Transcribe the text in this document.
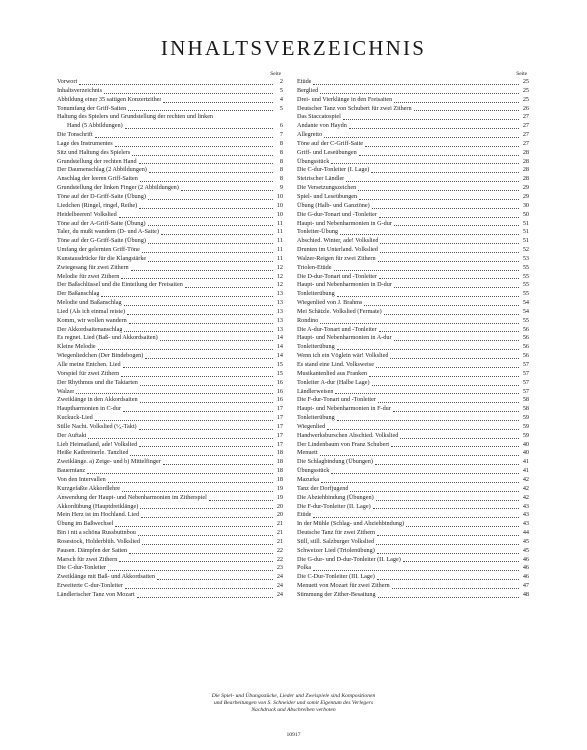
INHALTSVERZEICHNIS
Seite
Vorwort	2
Inhaltsverzeichnis	5
Abbildung einer 35 saitigen Konzertzither	4
Tonumfang der Griff-Saiten	5
Haltung des Spielers und Grundstellung der rechten und linken
Hand (5 Abbildungen)	6
Die Tonschrift	7
Lage des Instrumentes	8
Sitz und Haltung des Spielers	8
Grundstellung der rechten Hand	8
Der Daumenschlag (2 Abbildungen)	8
Anschlag der leeren Griff-Saiten	8
Grundstellung der linken Finger (2 Abbildungen)	9
Töne auf der D-Griff-Saite (Übung)	10
Liedchen (Ringel, ringel, Reihe)	10
Heidelbeeren! Volkslied	10
Töne auf der A-Griff-Saite (Übung)	11
Taler, du mußt wandern (D- und A-Saite)	11
Töne auf der G-Griff-Saite (Übung)	11
Umfang der gelernten Griff-Töne	11
Kunstausdrücke für die Klangstärke	11
Zwiegesang für zwei Zithern	12
Melodie für zwei Zithern	12
Der Baßschlüssel und die Einteilung der Freisaiten	12
Der Baßanschlag	13
Melodie und Baßanschlag	13
Lied (Als ich einmal reiste)	13
Komm, wir wollen wandern	13
Der Akkordsaitenanschlag	13
Es regnet. Lied (Baß- und Akkordsaiten)	14
Kleine Melodie	14
Wiegenliedchen (Der Bindebogen)	14
Alle meine Entchen. Lied	15
Vorspiel für zwei Zithern	15
Der Rhythmus und die Taktarten	16
Walzer	16
Zweiklänge in den Akkordsaiten	16
Hauptharmonien in C-dur	17
Kuckuck-Lied	17
Stille Nacht. Volkslied (⁶⁄₈-Takt)	17
Der Auftakt	17
Lieb Heimatland, ade! Volkslied	17
Heiße Kathreinerle. Tanzlied	18
Zweiklänge. a) Zeige- und b) Mittelfinger	18
Bauerntanz	18
Von den Intervallen	18
Kurzgefaßte Akkordlehre	19
Anwendung der Haupt- und Nebenharmonien im Zitherspiel	19
Akkordübung (Hauptdreiklänge)	20
Mein Herz ist im Hochland. Lied	20
Übung im Baßwechsel	21
Bin i nit a schöna Russbuttnbou	21
Rosestock, Holderblüh. Volkslied	21
Pausen. Dämpfen der Saiten	22
Marsch für zwei Zithern	22
Die C-dur-Tonleiter	23
Zweiklänge mit Baß- und Akkordsaiten	24
Erweiterte C-dur-Tonleiter	24
Ländlerischer Tanz von Mozart	24
Seite
Etüde	25
Berglied	25
Drei- und Vierklänge in den Freisaiten	25
Deutscher Tanz von Schubert für zwei Zithern	26
Das Staccatospiel	27
Andante von Haydn	27
Allegretto	27
Töne auf der C-Griff-Saite	27
Griff- und Leseübungen	28
Übungsstück	28
Die C-dur-Tonleiter (I. Lage)	28
Steirischer Ländler	28
Die Versetzungszeichen	29
Spiel- und Leseübungen	29
Übung (Halb- und Ganztöne)	30
Die G-dur-Tonart und -Tonleiter	50
Haupt- und Nebenharmonien in G-dur	51
Tonleiter-Übung	51
Abschied. Winter, ade! Volkslied	51
Drunten im Unterland. Volkslied	52
Walzer-Reigen für zwei Zithern	53
Triolen-Etüde	55
Die D-dur-Tonart und -Tonleiter	55
Haupt- und Nebenharmonien in D-dur	55
Tonleiterübung	55
Wiegenlied von J. Brahms	54
Mei Schätzle. Volkslied (Fermate)	54
Rondino	55
Die A-dur-Tonart und -Tonleiter	56
Haupt- und Nebenharmonien in A-dur	56
Tonleiterübung	56
Wenn ich ein Vöglein wär! Volkslied	56
Es stand eine Lind. Volksweise	57
Musikantenlied aus Franken	57
Tonleiter A-dur (Halbe Lage)	57
Ländlerweisen	57
Die F-dur-Tonart und -Tonleiter	58
Haupt- und Nebenharmonien in F-dur	58
Tonleiterübung	59
Wiegenlied	59
Handwerksburschen Abschied. Volkslied	59
Der Lindenbaum von Franz Schubert	40
Menuett	40
Die Schlagbindung (Übungen)	41
Übungsstück	41
Mazurka	42
Tanz der Dorfjugend	42
Die Abziehbindung (Übungen)	42
Die F-dur-Tonleiter (II. Lage)	43
Etüde	43
In der Mühle (Schlag- und Abziehbindung)	43
Deutsche Tanz für zwei Zithern	44
Still, still. Salzburger Volkslied	45
Schweizer Lied (Triolenübung)	45
Die G-dur- und D-dur-Tonleiter (II. Lage)	46
Polka	46
Die C-Dur-Tonleiter (III. Lage)	46
Menuett von Mozart für zwei Zithern	47
Stimmung der Zither-Besaitung	48
Die Spiel- und Übungsstücke, Lieder und Zweispiele sind Kompositionen
und Bearbeitungen von S. Schneider und somit Eigentum des Verlegers
Nachdruck und Abschreiben verboten
10917
